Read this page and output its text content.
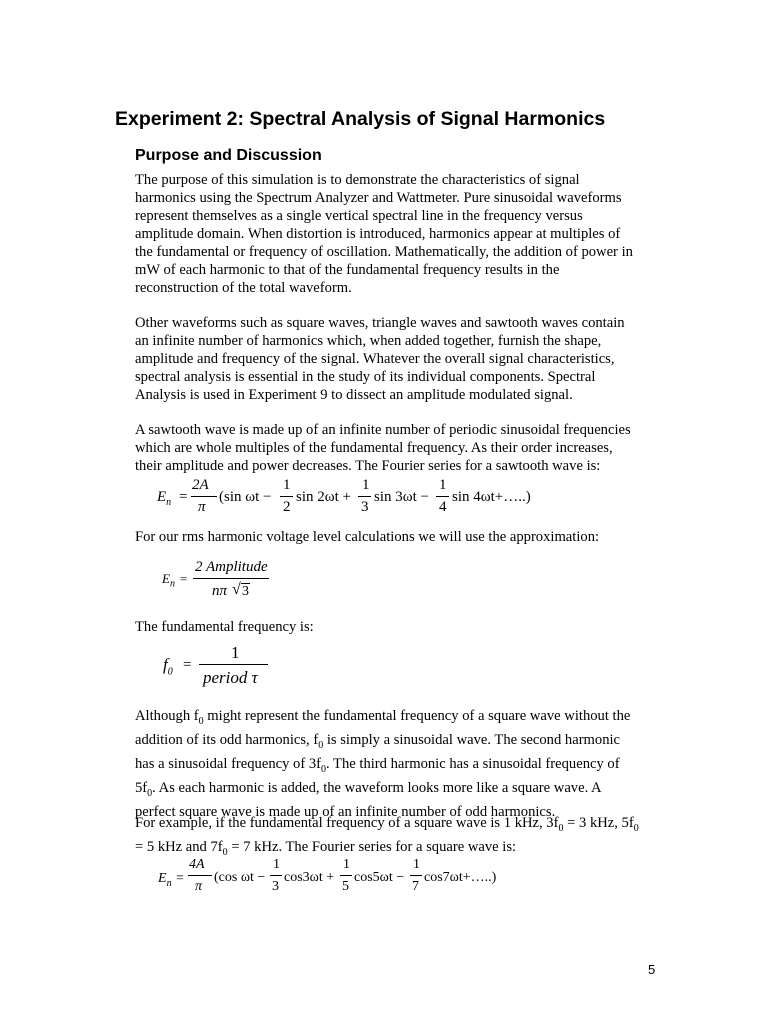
Experiment 2: Spectral Analysis of Signal Harmonics
Purpose and Discussion
The purpose of this simulation is to demonstrate the characteristics of signal
harmonics using the Spectrum Analyzer and Wattmeter. Pure sinusoidal waveforms
represent themselves as a single vertical spectral line in the frequency versus
amplitude domain. When distortion is introduced, harmonics appear at multiples of
the fundamental or frequency of oscillation. Mathematically, the addition of power in
mW of each harmonic to that of the fundamental frequency results in the
reconstruction of the total waveform.
Other waveforms such as square waves, triangle waves and sawtooth waves contain
an infinite number of harmonics which, when added together, furnish the shape,
amplitude and frequency of the signal. Whatever the overall signal characteristics,
spectral analysis is essential in the study of its individual components. Spectral
Analysis is used in Experiment 9 to dissect an amplitude modulated signal.
A sawtooth wave is made up of an infinite number of periodic sinusoidal frequencies
which are whole multiples of the fundamental frequency. As their order increases,
their amplitude and power decreases. The Fourier series for a sawtooth wave is:
$E_n$ =
2A
π
(sin ωt −
1
2
sin 2ωt +
1
3
sin 3ωt −
1
4
sin 4ωt+…..)
For our rms harmonic voltage level calculations we will use the approximation:
$E_n$ =
2 Amplitude
nπ √ 3
The fundamental frequency is:
$f_0$ =
1
period τ
Although $f_0$ might represent the fundamental frequency of a square wave without the
addition of its odd harmonics, $f_0$ is simply a sinusoidal wave. The second harmonic
has a sinusoidal frequency of $3f_0$. The third harmonic has a sinusoidal frequency of
$5f_0$. As each harmonic is added, the waveform looks more like a square wave. A
perfect square wave is made up of an infinite number of odd harmonics.
For example, if the fundamental frequency of a square wave is 1 kHz, $3f_0 = 3$ kHz, $5f_0$
= 5 kHz and $7f_0 = 7$ kHz. The Fourier series for a square wave is:
$E_n$ =
4A
π
(cos ωt −
1
3
cos3ωt +
1
5
cos5ωt −
1
7
cos7ωt+…..)
5
